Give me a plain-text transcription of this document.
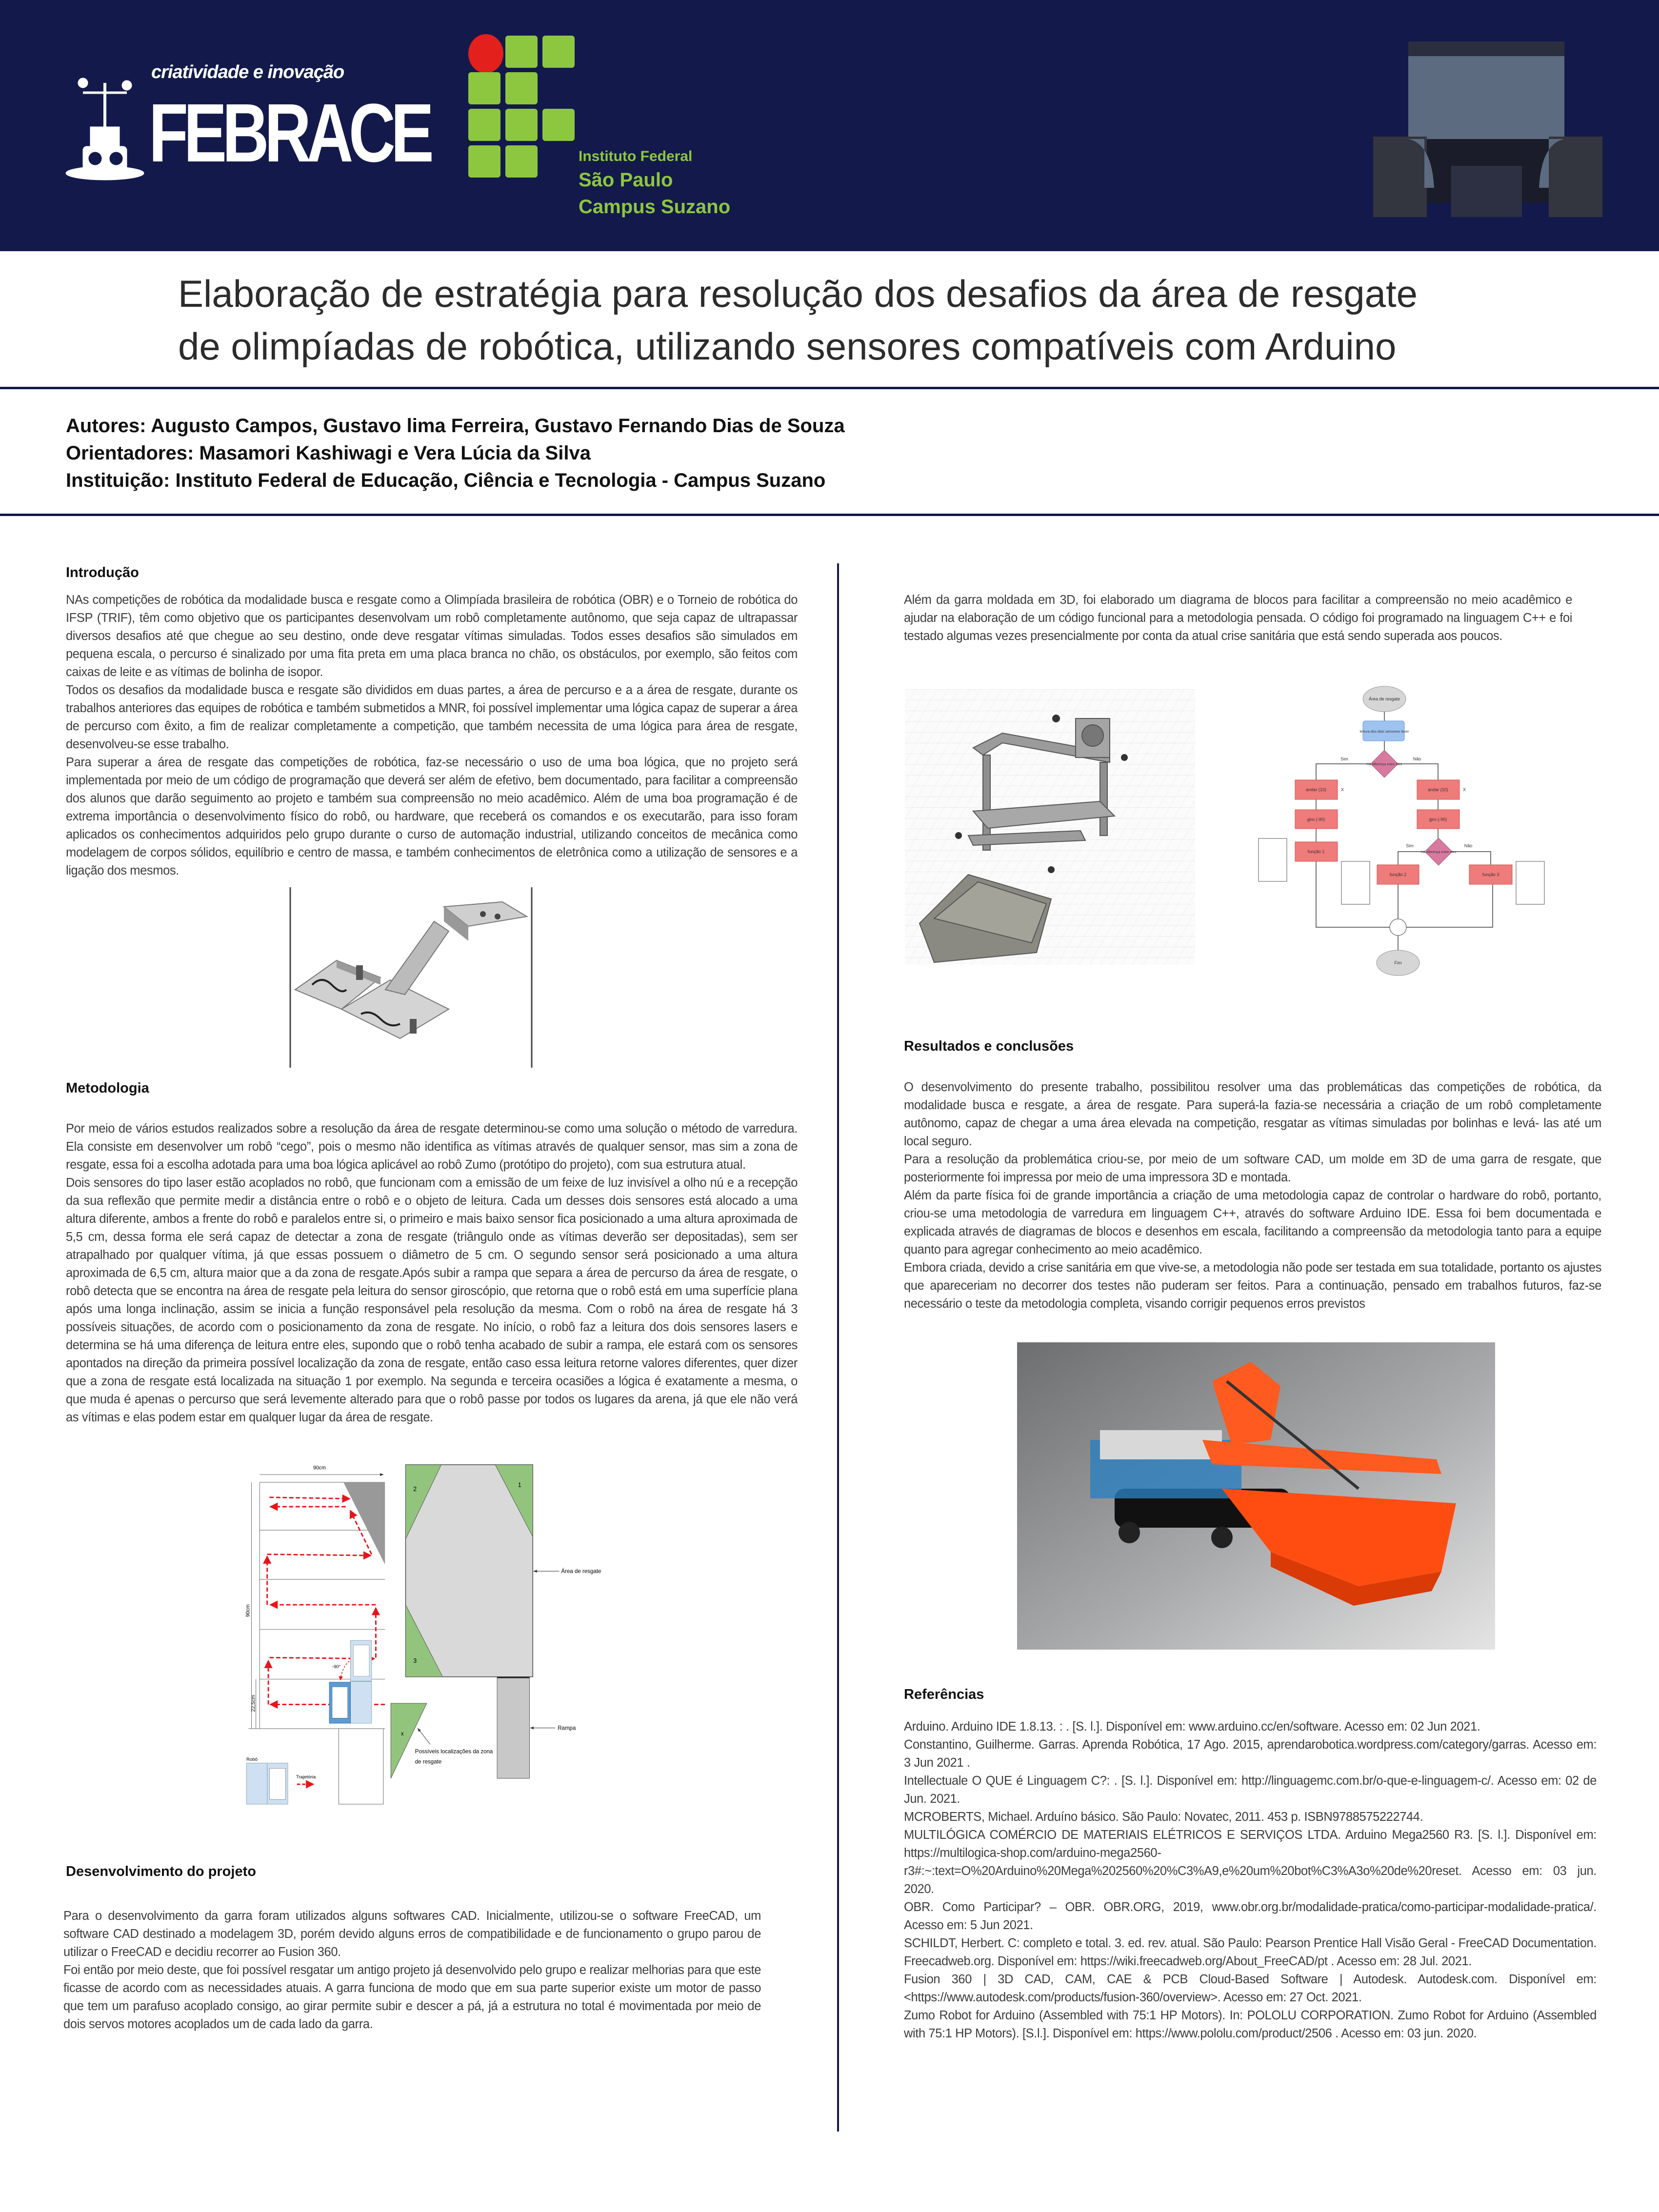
criatividade e inovação
FEBRACE	Instituto Federal
São Paulo
Campus Suzano
Elaboração de estratégia para resolução dos desafios da área de resgate
de olimpíadas de robótica, utilizando sensores compatíveis com Arduino
Autores: Augusto Campos, Gustavo lima Ferreira, Gustavo Fernando Dias de Souza
Orientadores: Masamori Kashiwagi e Vera Lúcia da Silva
Instituição: Instituto Federal de Educação, Ciência e Tecnologia - Campus Suzano
Introdução

NAs competições de robótica da modalidade busca e resgate como a Olimpíada brasileira de robótica (OBR) e o Torneio de robótica do IFSP (TRIF), têm como objetivo que os participantes desenvolvam um robô completamente autônomo, que seja capaz de ultrapassar diversos desafios até que chegue ao seu destino, onde deve resgatar vítimas simuladas. Todos esses desafios são simulados em pequena escala, o percurso é sinalizado por uma fita preta em uma placa branca no chão, os obstáculos, por exemplo, são feitos com caixas de leite e as vítimas de bolinha de isopor.

Todos os desafios da modalidade busca e resgate são divididos em duas partes, a área de percurso e a a área de resgate, durante os trabalhos anteriores das equipes de robótica e também submetidos a MNR, foi possível implementar uma lógica capaz de superar a área de percurso com êxito, a fim de realizar completamente a competição, que também necessita de uma lógica para área de resgate, desenvolveu-se esse trabalho.

Para superar a área de resgate das competições de robótica, faz-se necessário o uso de uma boa lógica, que no projeto será implementada por meio de um código de programação que deverá ser além de efetivo, bem documentado, para facilitar a compreensão dos alunos que darão seguimento ao projeto e também sua compreensão no meio acadêmico. Além de uma boa programação é de extrema importância o desenvolvimento físico do robô, ou hardware, que receberá os comandos e os executarão, para isso foram aplicados os conhecimentos adquiridos pelo grupo durante o curso de automação industrial, utilizando conceitos de mecânica como modelagem de corpos sólidos, equilíbrio e centro de massa, e também conhecimentos de eletrônica como a utilização de sensores e a ligação dos mesmos.

Metodologia

Por meio de vários estudos realizados sobre a resolução da área de resgate determinou-se como uma solução o método de varredura. Ela consiste em desenvolver um robô “cego”, pois o mesmo não identifica as vítimas através de qualquer sensor, mas sim a zona de resgate, essa foi a escolha adotada para uma boa lógica aplicável ao robô Zumo (protótipo do projeto), com sua estrutura atual.

Dois sensores do tipo laser estão acoplados no robô, que funcionam com a emissão de um feixe de luz invisível a olho nú e a recepção da sua reflexão que permite medir a distância entre o robô e o objeto de leitura. Cada um desses dois sensores está alocado a uma altura diferente, ambos a frente do robô e paralelos entre si, o primeiro e mais baixo sensor fica posicionado a uma altura aproximada de 5,5 cm, dessa forma ele será capaz de detectar a zona de resgate (triângulo onde as vítimas deverão ser depositadas), sem ser atrapalhado por qualquer vítima, já que essas possuem o diâmetro de 5 cm. O segundo sensor será posicionado a uma altura aproximada de 6,5 cm, altura maior que a da zona de resgate.Após subir a rampa que separa a área de percurso da área de resgate, o robô detecta que se encontra na área de resgate pela leitura do sensor giroscópio, que retorna que o robô está em uma superfície plana após uma longa inclinação, assim se inicia a função responsável pela resolução da mesma. Com o robô na área de resgate há 3 possíveis situações, de acordo com o posicionamento da zona de resgate. No início, o robô faz a leitura dos dois sensores lasers e determina se há uma diferença de leitura entre eles, supondo que o robô tenha acabado de subir a rampa, ele estará com os sensores apontados na direção da primeira possível localização da zona de resgate, então caso essa leitura retorne valores diferentes, quer dizer que a zona de resgate está localizada na situação 1 por exemplo. Na segunda e terceira ocasiões a lógica é exatamente a mesma, o que muda é apenas o percurso que será levemente alterado para que o robô passe por todos os lugares da arena, já que ele não verá as vítimas e elas podem estar em qualquer lugar da área de resgate.

90cm
90cm
22,5cm
-90°
Robô
Trajetória
1
2
3
x
Área de resgate
Rampa
Possíveis localizações da zona
de resgate
Desenvolvimento do projeto

Para o desenvolvimento da garra foram utilizados alguns softwares CAD. Inicialmente, utilizou-se o software FreeCAD, um software CAD destinado a modelagem 3D, porém devido alguns erros de compatibilidade e de funcionamento o grupo parou de utilizar o FreeCAD e decidiu recorrer ao Fusion 360.

Foi então por meio deste, que foi possível resgatar um antigo projeto já desenvolvido pelo grupo e realizar melhorias para que este ficasse de acordo com as necessidades atuais. A garra funciona de modo que em sua parte superior existe um motor de passo que tem um parafuso acoplado consigo, ao girar permite subir e descer a pá, já a estrutura no total é movimentada por meio de dois servos motores acoplados um de cada lado da garra.

Além da garra moldada em 3D, foi elaborado um diagrama de blocos para facilitar a compreensão no meio acadêmico e ajudar na elaboração de um código funcional para a metodologia pensada. O código foi programado na linguagem C++ e foi testado algumas vezes presencialmente por conta da atual crise sanitária que está sendo superada aos poucos.
Área de resgate
leitura dos dois sensores laser
Há diferença entre eles
Há diferença entre eles
Sim	Não
Sim	Não
andar (10)	andar (10)
X	X
giro (-90)	giro (-90)
função 1
função 2	função 3
Fim
Resultados e conclusões

O desenvolvimento do presente trabalho, possibilitou resolver uma das problemáticas das competições de robótica, da modalidade busca e resgate, a área de resgate. Para superá-la fazia-se necessária a criação de um robô completamente autônomo, capaz de chegar a uma área elevada na competição, resgatar as vítimas simuladas por bolinhas e levá- las até um local seguro.

Para a resolução da problemática criou-se, por meio de um software CAD, um molde em 3D de uma garra de resgate, que posteriormente foi impressa por meio de uma impressora 3D e montada.

Além da parte física foi de grande importância a criação de uma metodologia capaz de controlar o hardware do robô, portanto, criou-se uma metodologia de varredura em linguagem C++, através do software Arduino IDE. Essa foi bem documentada e explicada através de diagramas de blocos e desenhos em escala, facilitando a compreensão da metodologia tanto para a equipe quanto para agregar conhecimento ao meio acadêmico.

Embora criada, devido a crise sanitária em que vive-se, a metodologia não pode ser testada em sua totalidade, portanto os ajustes que apareceriam no decorrer dos testes não puderam ser feitos. Para a continuação, pensado em trabalhos futuros, faz-se necessário o teste da metodologia completa, visando corrigir pequenos erros previstos

Referências

Arduino. Arduino IDE 1.8.13. : . [S. l.]. Disponível em: www.arduino.cc/en/software. Acesso em: 02 Jun 2021.

Constantino, Guilherme. Garras. Aprenda Robótica, 17 Ago. 2015, aprendarobotica.wordpress.com/category/garras. Acesso em: 3 Jun 2021 .

Intellectuale O QUE é Linguagem C?: . [S. l.]. Disponível em: http://linguagemc.com.br/o-que-e-linguagem-c/. Acesso em: 02 de Jun. 2021.

MCROBERTS, Michael. Arduíno básico. São Paulo: Novatec, 2011. 453 p. ISBN9788575222744.

MULTILÓGICA COMÉRCIO DE MATERIAIS ELÉTRICOS E SERVIÇOS LTDA. Arduino Mega2560 R3. [S. l.]. Disponível em: https://multilogica-shop.com/arduino-mega2560- r3#:~:text=O%20Arduino%20Mega%202560%20%C3%A9,e%20um%20bot%C3%A3o%20de%20reset. Acesso em: 03 jun. 2020.

OBR. Como Participar? – OBR. OBR.ORG, 2019, www.obr.org.br/modalidade-pratica/como-participar-modalidade-pratica/. Acesso em: 5 Jun 2021.

SCHILDT, Herbert. C: completo e total. 3. ed. rev. atual. São Paulo: Pearson Prentice Hall Visão Geral - FreeCAD Documentation. Freecadweb.org. Disponível em: https://wiki.freecadweb.org/About_FreeCAD/pt . Acesso em: 28 Jul. 2021.

Fusion 360 | 3D CAD, CAM, CAE & PCB Cloud-Based Software | Autodesk. Autodesk.com. Disponível em: <https://www.autodesk.com/products/fusion-360/overview>. Acesso em: 27 Oct. 2021.

Zumo Robot for Arduino (Assembled with 75:1 HP Motors). In: POLOLU CORPORATION. Zumo Robot for Arduino (Assembled with 75:1 HP Motors). [S.l.]. Disponível em: https://www.pololu.com/product/2506 . Acesso em: 03 jun. 2020.
